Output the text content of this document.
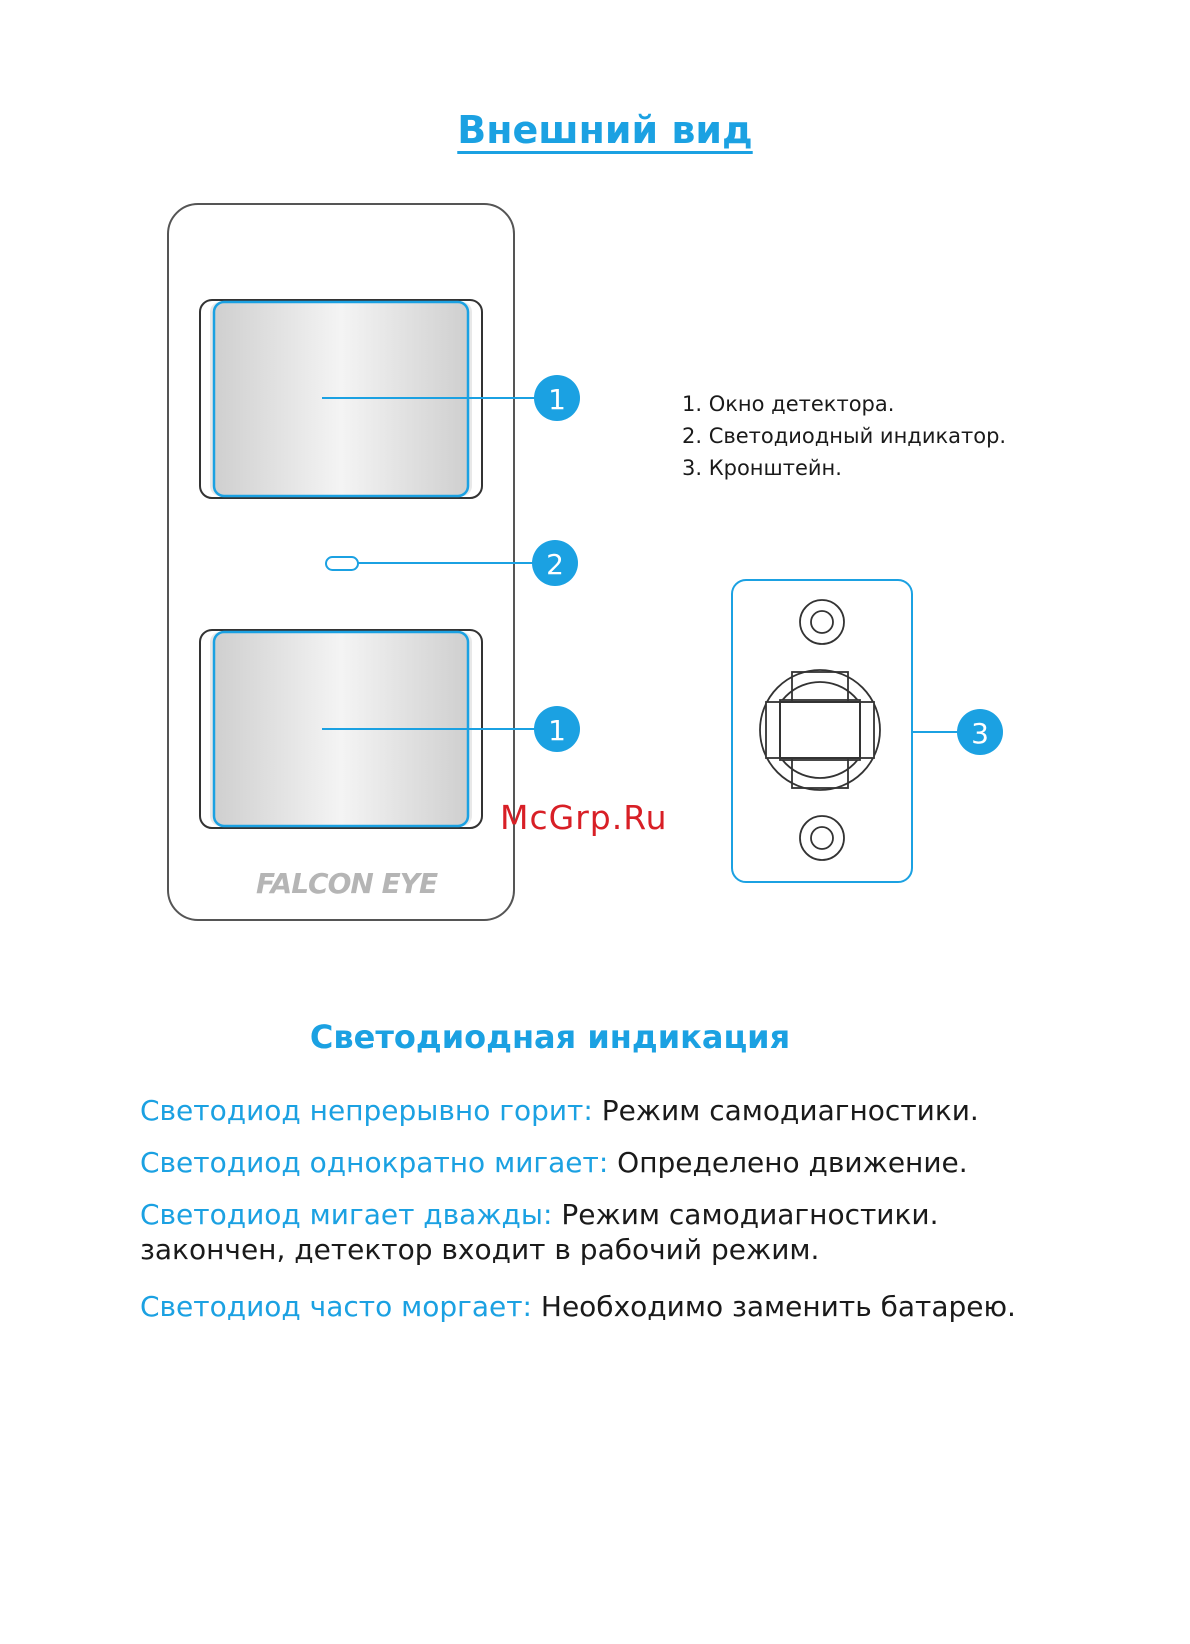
Внешний вид
FALCON EYE
1
2
1	3
1. Окно детектора.
2. Светодиодный индикатор.
3. Кронштейн.
McGrp.Ru
Светодиодная индикация
Светодиод непрерывно горит: Режим самодиагностики.
Светодиод однократно мигает: Определено движение.
Светодиод мигает дважды: Режим самодиагностики.
закончен, детектор входит в рабочий режим.
Светодиод часто моргает: Необходимо заменить батарею.
